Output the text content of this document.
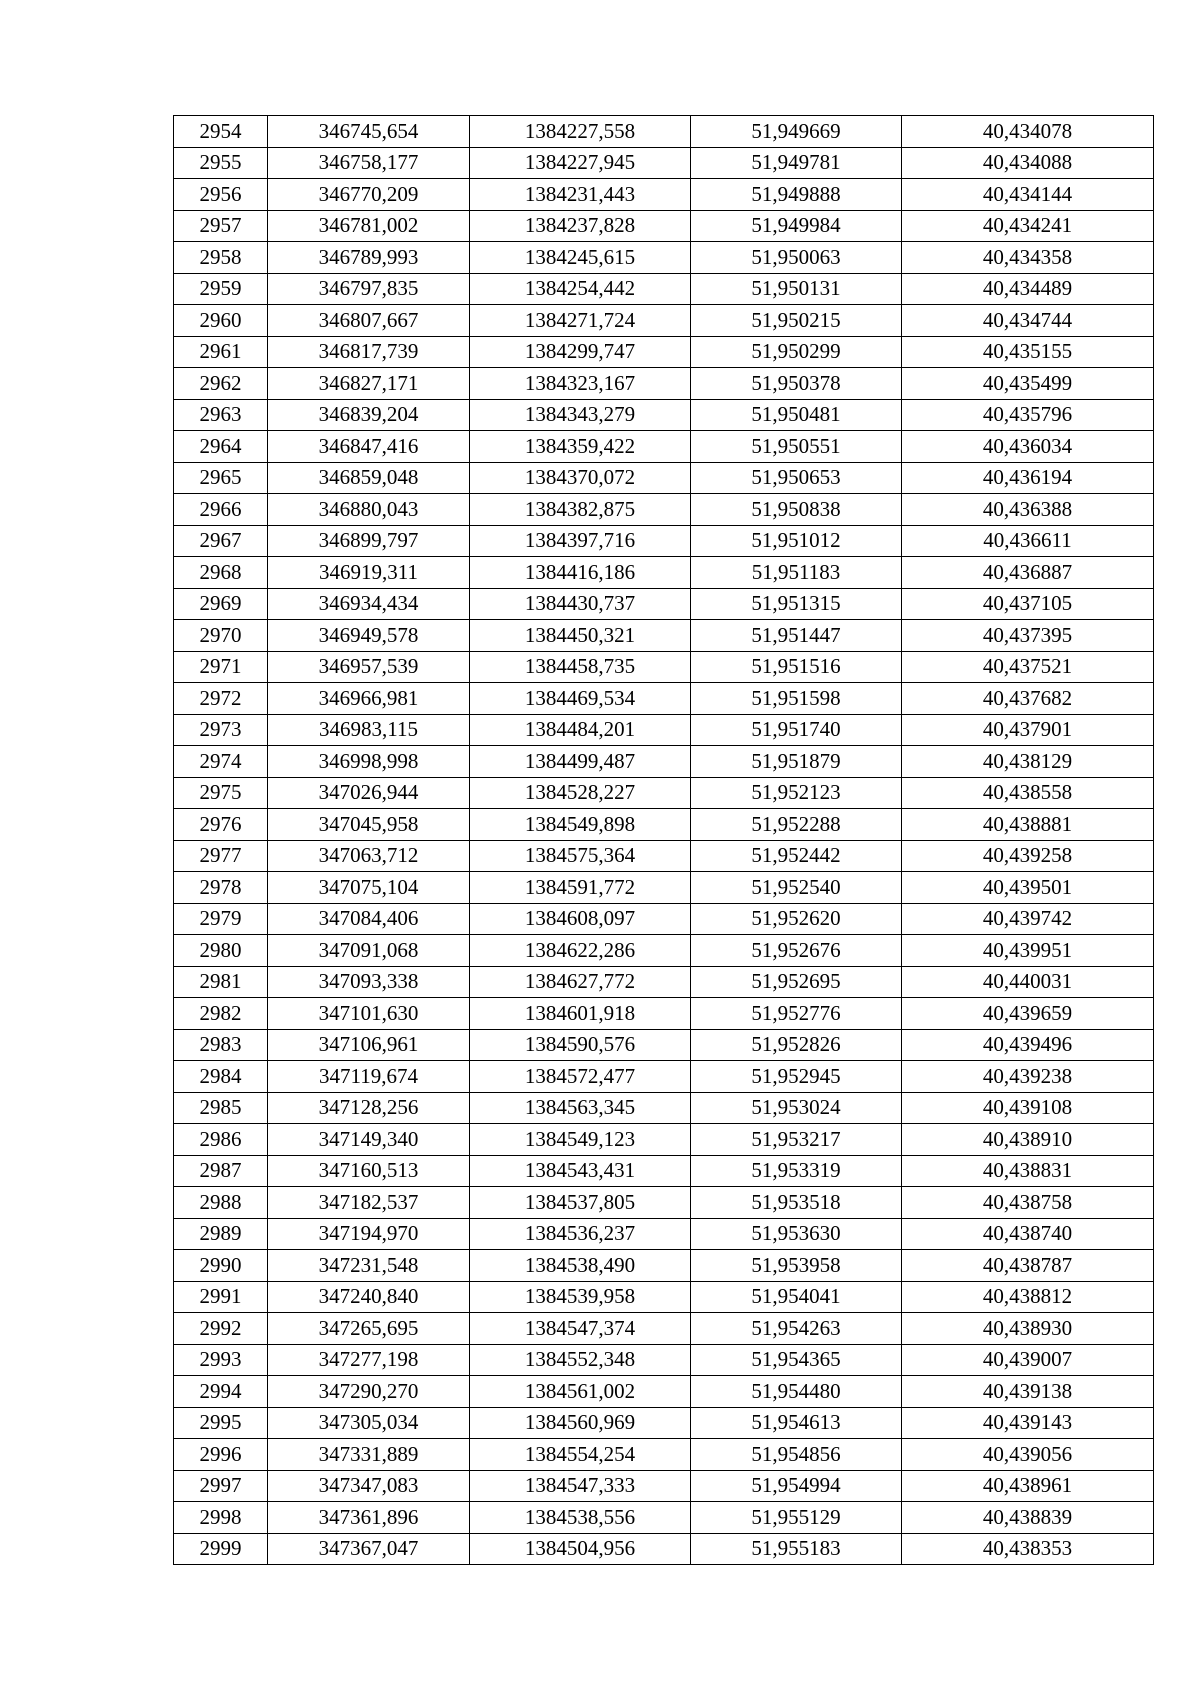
2954	346745,654	1384227,558	51,949669	40,434078
2955	346758,177	1384227,945	51,949781	40,434088
2956	346770,209	1384231,443	51,949888	40,434144
2957	346781,002	1384237,828	51,949984	40,434241
2958	346789,993	1384245,615	51,950063	40,434358
2959	346797,835	1384254,442	51,950131	40,434489
2960	346807,667	1384271,724	51,950215	40,434744
2961	346817,739	1384299,747	51,950299	40,435155
2962	346827,171	1384323,167	51,950378	40,435499
2963	346839,204	1384343,279	51,950481	40,435796
2964	346847,416	1384359,422	51,950551	40,436034
2965	346859,048	1384370,072	51,950653	40,436194
2966	346880,043	1384382,875	51,950838	40,436388
2967	346899,797	1384397,716	51,951012	40,436611
2968	346919,311	1384416,186	51,951183	40,436887
2969	346934,434	1384430,737	51,951315	40,437105
2970	346949,578	1384450,321	51,951447	40,437395
2971	346957,539	1384458,735	51,951516	40,437521
2972	346966,981	1384469,534	51,951598	40,437682
2973	346983,115	1384484,201	51,951740	40,437901
2974	346998,998	1384499,487	51,951879	40,438129
2975	347026,944	1384528,227	51,952123	40,438558
2976	347045,958	1384549,898	51,952288	40,438881
2977	347063,712	1384575,364	51,952442	40,439258
2978	347075,104	1384591,772	51,952540	40,439501
2979	347084,406	1384608,097	51,952620	40,439742
2980	347091,068	1384622,286	51,952676	40,439951
2981	347093,338	1384627,772	51,952695	40,440031
2982	347101,630	1384601,918	51,952776	40,439659
2983	347106,961	1384590,576	51,952826	40,439496
2984	347119,674	1384572,477	51,952945	40,439238
2985	347128,256	1384563,345	51,953024	40,439108
2986	347149,340	1384549,123	51,953217	40,438910
2987	347160,513	1384543,431	51,953319	40,438831
2988	347182,537	1384537,805	51,953518	40,438758
2989	347194,970	1384536,237	51,953630	40,438740
2990	347231,548	1384538,490	51,953958	40,438787
2991	347240,840	1384539,958	51,954041	40,438812
2992	347265,695	1384547,374	51,954263	40,438930
2993	347277,198	1384552,348	51,954365	40,439007
2994	347290,270	1384561,002	51,954480	40,439138
2995	347305,034	1384560,969	51,954613	40,439143
2996	347331,889	1384554,254	51,954856	40,439056
2997	347347,083	1384547,333	51,954994	40,438961
2998	347361,896	1384538,556	51,955129	40,438839
2999	347367,047	1384504,956	51,955183	40,438353
